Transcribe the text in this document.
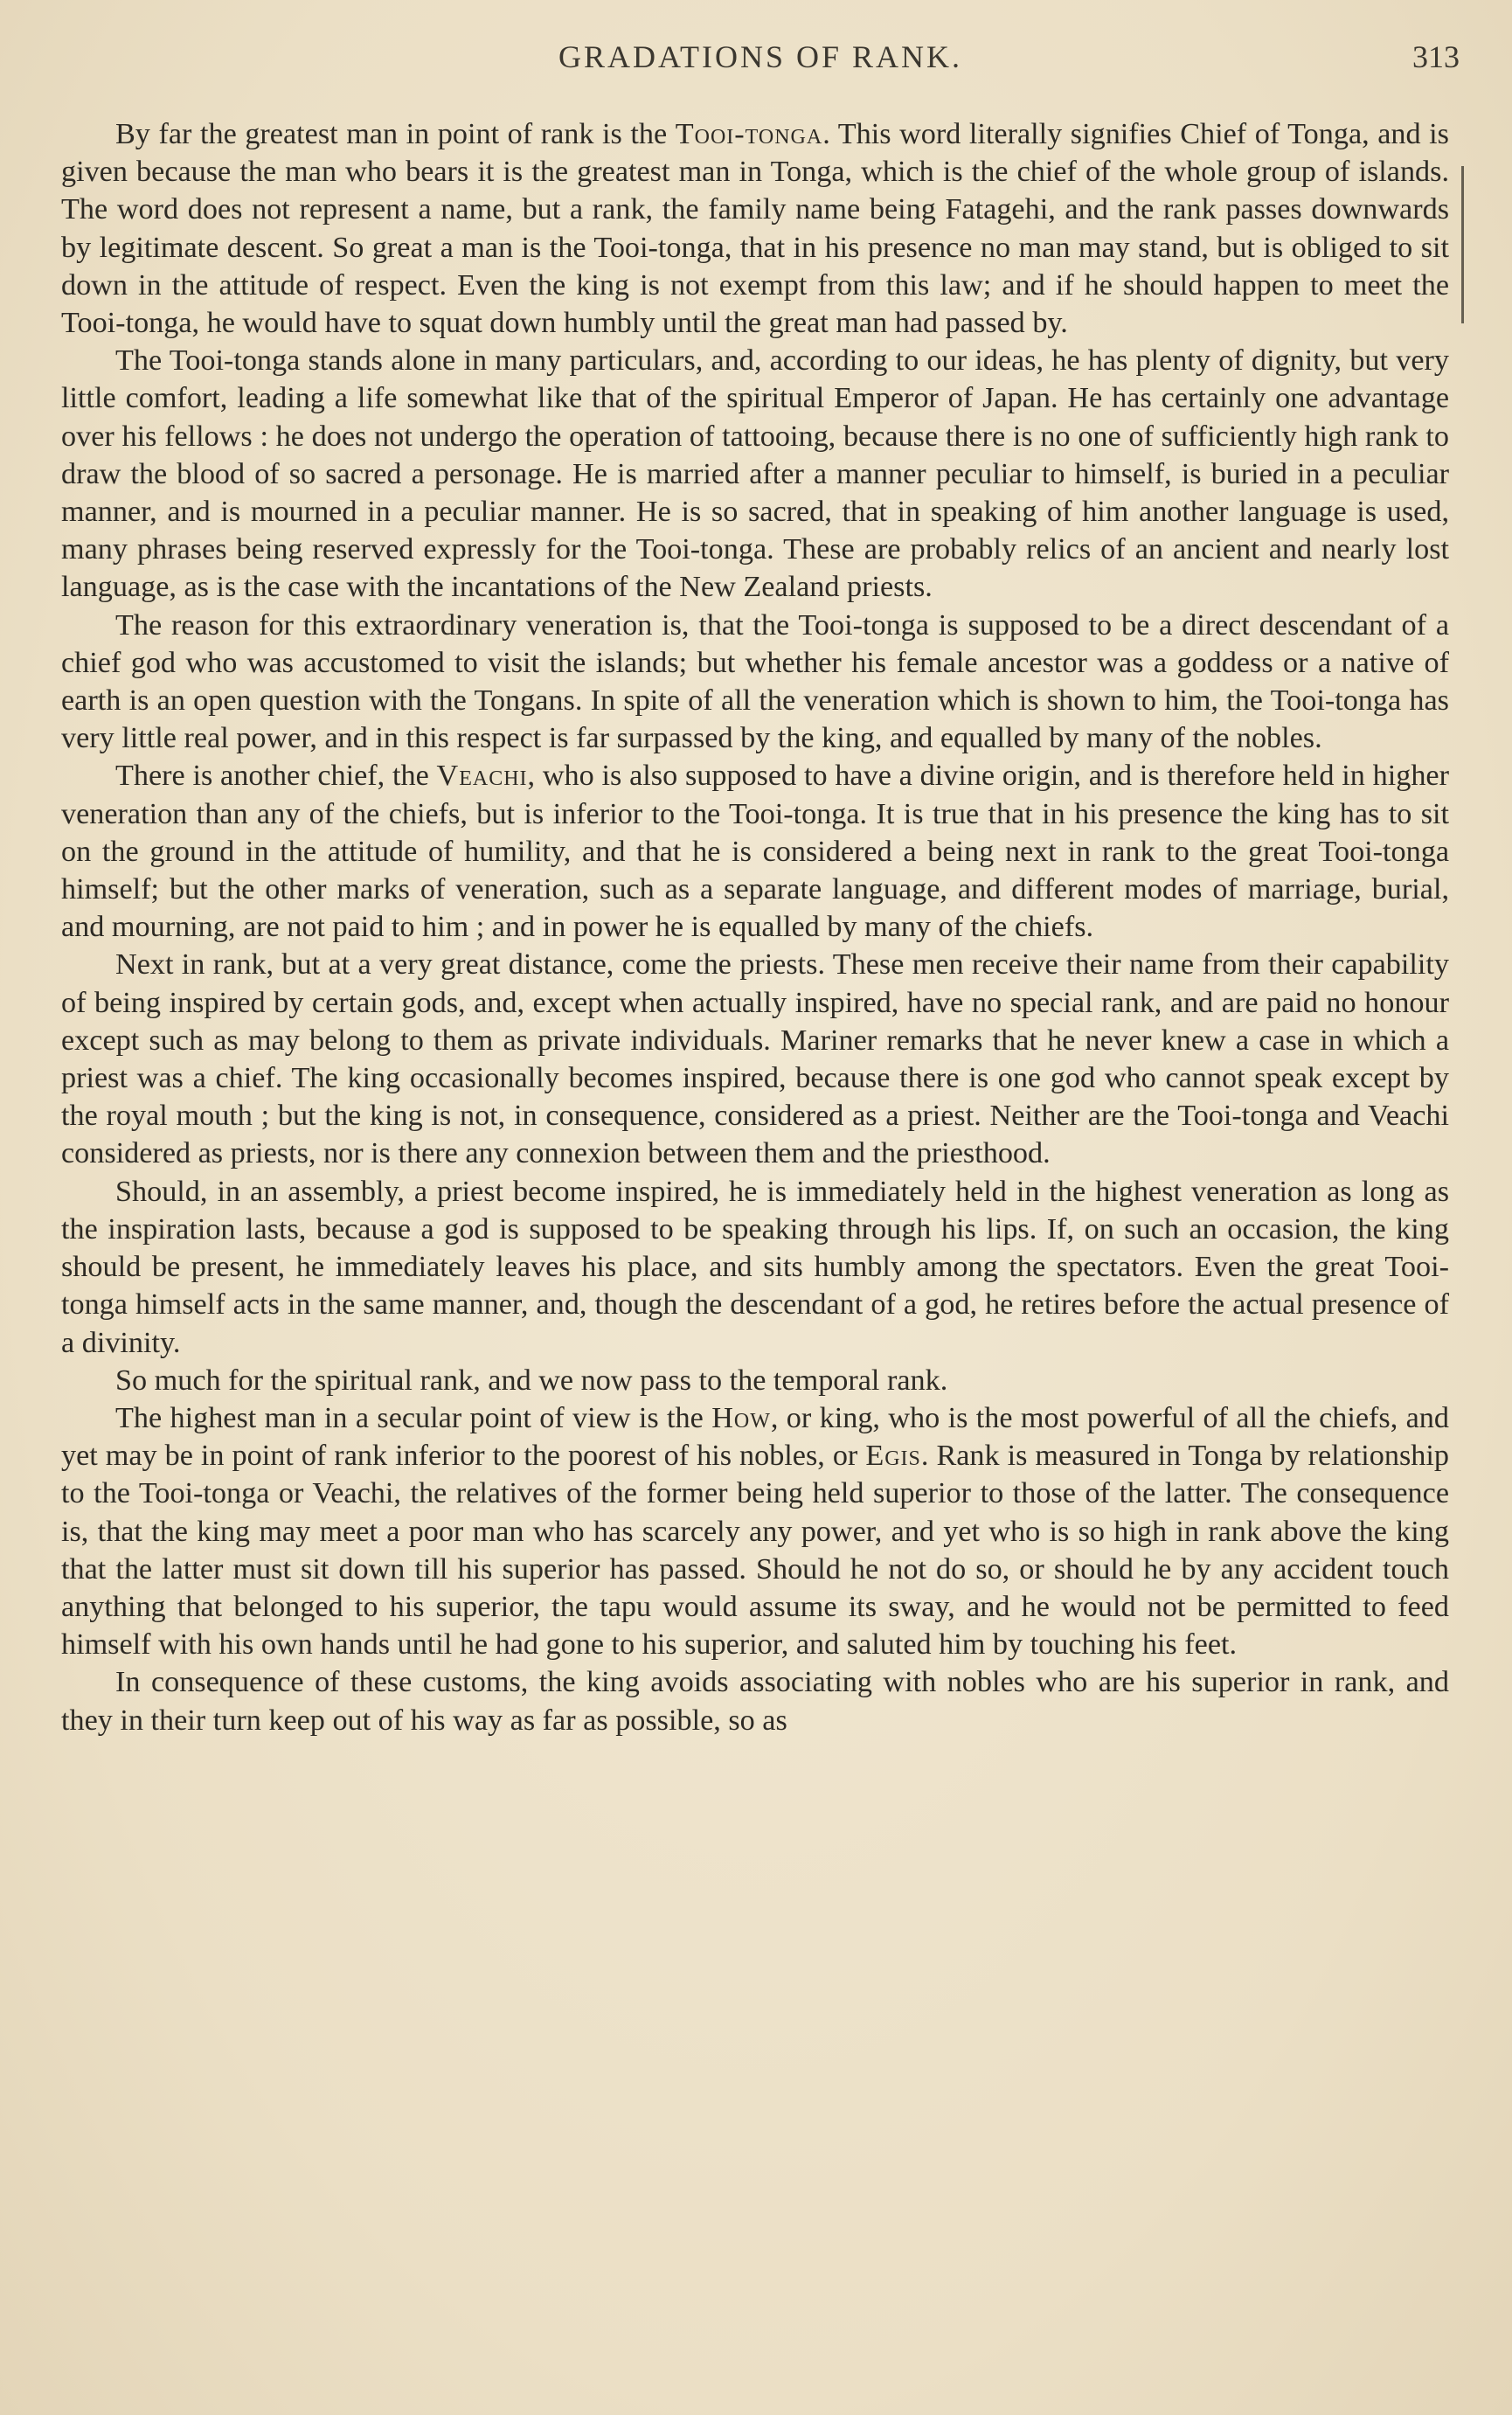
GRADATIONS OF RANK.	313

By far the greatest man in point of rank is the Tooi-tonga. This word literally signifies Chief of Tonga, and is given because the man who bears it is the greatest man in Tonga, which is the chief of the whole group of islands. The word does not represent a name, but a rank, the family name being Fatagehi, and the rank passes downwards by legitimate descent. So great a man is the Tooi-tonga, that in his presence no man may stand, but is obliged to sit down in the attitude of respect. Even the king is not exempt from this law; and if he should happen to meet the Tooi-tonga, he would have to squat down humbly until the great man had passed by.

The Tooi-tonga stands alone in many particulars, and, according to our ideas, he has plenty of dignity, but very little comfort, leading a life somewhat like that of the spiritual Emperor of Japan. He has certainly one advantage over his fellows : he does not undergo the operation of tattooing, because there is no one of sufficiently high rank to draw the blood of so sacred a personage. He is married after a manner peculiar to himself, is buried in a peculiar manner, and is mourned in a peculiar manner. He is so sacred, that in speaking of him another language is used, many phrases being reserved expressly for the Tooi-tonga. These are probably relics of an ancient and nearly lost language, as is the case with the incantations of the New Zealand priests.

The reason for this extraordinary veneration is, that the Tooi-tonga is supposed to be a direct descendant of a chief god who was accustomed to visit the islands; but whether his female ancestor was a goddess or a native of earth is an open question with the Tongans. In spite of all the veneration which is shown to him, the Tooi-tonga has very little real power, and in this respect is far surpassed by the king, and equalled by many of the nobles.

There is another chief, the Veachi, who is also supposed to have a divine origin, and is therefore held in higher veneration than any of the chiefs, but is inferior to the Tooi-tonga. It is true that in his presence the king has to sit on the ground in the attitude of humility, and that he is considered a being next in rank to the great Tooi-tonga himself; but the other marks of veneration, such as a separate language, and different modes of marriage, burial, and mourning, are not paid to him ; and in power he is equalled by many of the chiefs.

Next in rank, but at a very great distance, come the priests. These men receive their name from their capability of being inspired by certain gods, and, except when actually inspired, have no special rank, and are paid no honour except such as may belong to them as private individuals. Mariner remarks that he never knew a case in which a priest was a chief. The king occasionally becomes inspired, because there is one god who cannot speak except by the royal mouth ; but the king is not, in consequence, considered as a priest. Neither are the Tooi-tonga and Veachi considered as priests, nor is there any connexion between them and the priesthood.

Should, in an assembly, a priest become inspired, he is immediately held in the highest veneration as long as the inspiration lasts, because a god is supposed to be speaking through his lips. If, on such an occasion, the king should be present, he immediately leaves his place, and sits humbly among the spectators. Even the great Tooi-tonga himself acts in the same manner, and, though the descendant of a god, he retires before the actual presence of a divinity.

So much for the spiritual rank, and we now pass to the temporal rank.

The highest man in a secular point of view is the How, or king, who is the most powerful of all the chiefs, and yet may be in point of rank inferior to the poorest of his nobles, or Egis. Rank is measured in Tonga by relationship to the Tooi-tonga or Veachi, the relatives of the former being held superior to those of the latter. The consequence is, that the king may meet a poor man who has scarcely any power, and yet who is so high in rank above the king that the latter must sit down till his superior has passed. Should he not do so, or should he by any accident touch anything that belonged to his superior, the tapu would assume its sway, and he would not be permitted to feed himself with his own hands until he had gone to his superior, and saluted him by touching his feet.

In consequence of these customs, the king avoids associating with nobles who are his superior in rank, and they in their turn keep out of his way as far as possible, so as
